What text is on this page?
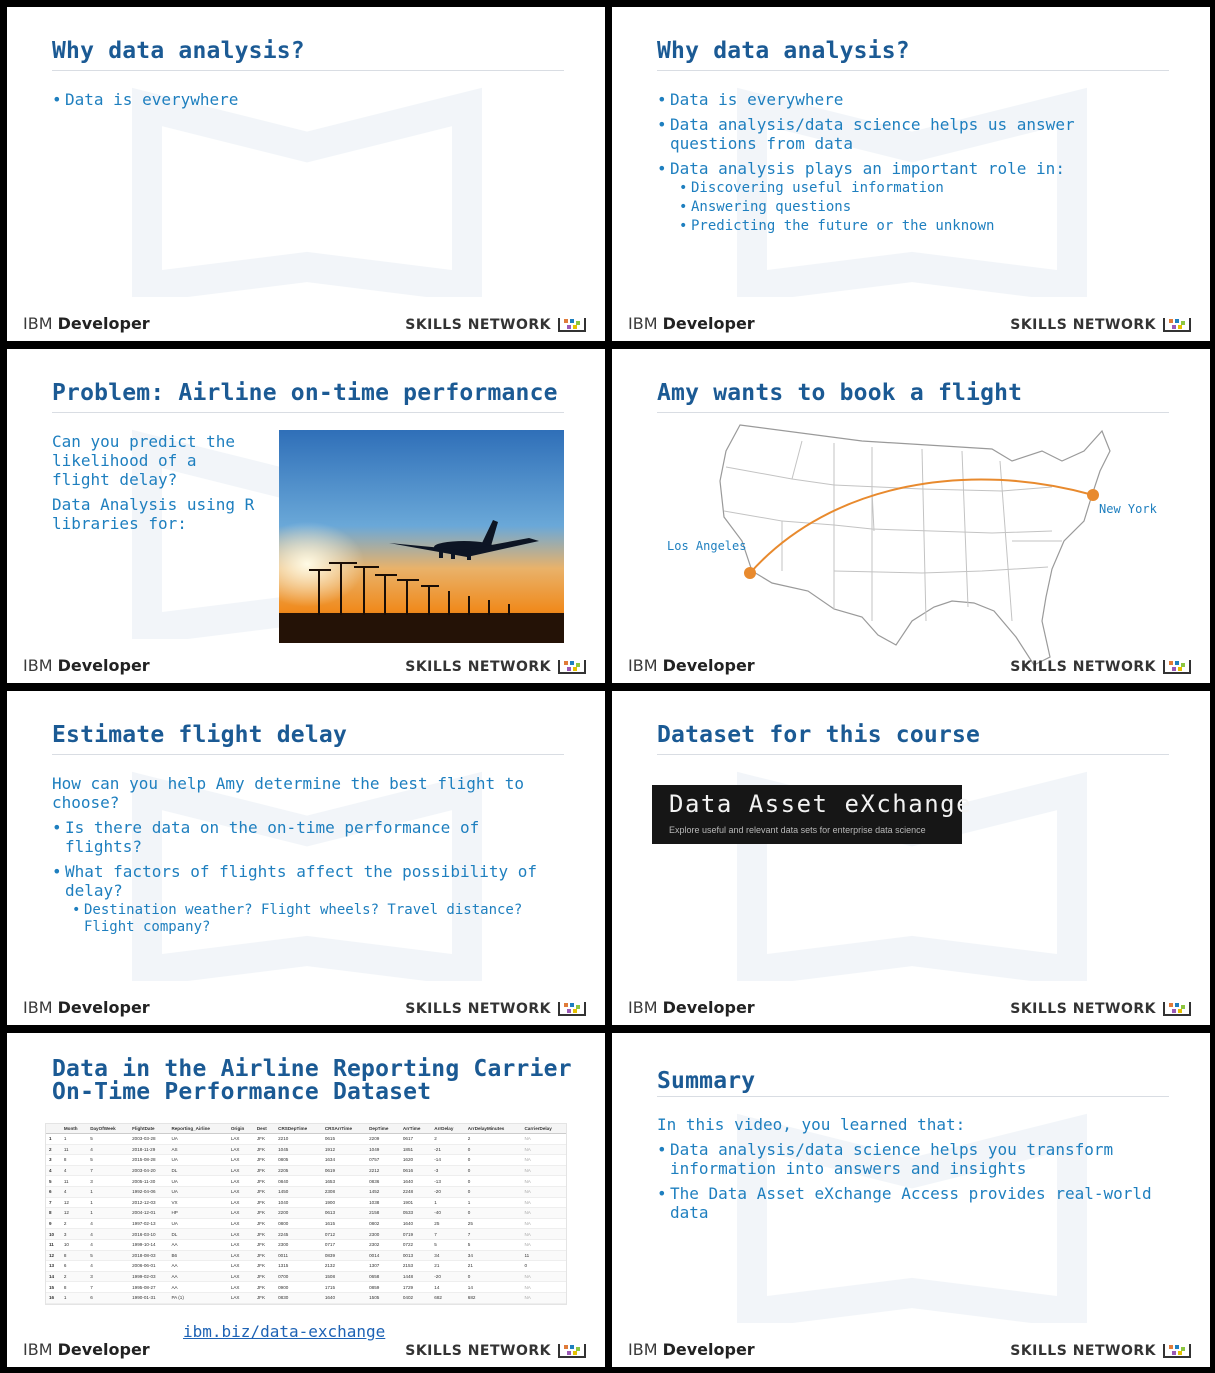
Why data analysis?
• Data is everywhere
IBM Developer	SKILLS NETWORK
Why data analysis?
• Data is everywhere
• Data analysis/data science helps us answer questions from data
• Data analysis plays an important role in:
• Discovering useful information
• Answering questions
• Predicting the future or the unknown
IBM Developer	SKILLS NETWORK
Problem: Airline on-time performance
Can you predict the likelihood of a flight delay?
Data Analysis using R libraries for:
IBM Developer	SKILLS NETWORK
Amy wants to book a flight
Los Angeles
New York
IBM Developer	SKILLS NETWORK
Estimate flight delay
How can you help Amy determine the best flight to choose?
• Is there data on the on-time performance of flights?
• What factors of flights affect the possibility of delay?
• Destination weather? Flight wheels? Travel distance? Flight company?
IBM Developer	SKILLS NETWORK
Dataset for this course
Data Asset eXchange
Explore useful and relevant data sets for enterprise data science
IBM Developer	SKILLS NETWORK
Data in the Airline Reporting Carrier
On-Time Performance Dataset
	Month	DayOfWeek	FlightDate	Reporting_Airline	Origin	Dest	CRSDepTime	CRSArrTime	DepTime	ArrTime	ArrDelay	ArrDelayMinutes	CarrierDelay
1	1	5	2003-03-28	UA	LAX	JFK	2210	0615	2209	0617	2	2	NA
2	11	4	2018-11-29	AS	LAX	JFK	1045	1912	1049	1851	-21	0	NA
3	8	5	2015-08-28	UA	LAX	JFK	0805	1634	0757	1620	-14	0	NA
4	4	7	2003-04-20	DL	LAX	JFK	2205	0619	2212	0616	-3	0	NA
5	11	3	2005-11-30	UA	LAX	JFK	0840	1653	0836	1640	-13	0	NA
6	4	1	1992-04-06	UA	LAX	JFK	1450	2308	1452	2248	-20	0	NA
7	12	1	2012-12-03	VX	LAX	JFK	1040	1900	1038	1901	1	1	NA
8	12	1	2004-12-01	HP	LAX	JFK	2200	0613	2158	0533	-40	0	NA
9	2	4	1997-02-13	UA	LAX	JFK	0800	1615	0802	1640	25	25	NA
10	3	4	2016-03-10	DL	LAX	JFK	2245	0712	2300	0719	7	7	NA
11	10	4	1999-10-14	AA	LAX	JFK	2300	0717	2302	0722	5	5	NA
12	8	5	2018-08-03	B6	LAX	JFK	0011	0839	0014	0013	34	34	11
13	6	4	2006-06-01	AA	LAX	JFK	1315	2132	1307	2153	21	21	0
14	2	3	1999-02-03	AA	LAX	JFK	0700	1508	0658	1448	-20	0	NA
15	8	7	1995-08-27	AA	LAX	JFK	0900	1715	0859	1729	14	14	NA
16	1	6	1990-01-31	PA (1)	LAX	JFK	0830	1640	1505	0402	682	682	NA
ibm.biz/data-exchange
IBM Developer	SKILLS NETWORK
Summary
In this video, you learned that:
• Data analysis/data science helps you transform information into answers and insights
• The Data Asset eXchange Access provides real-world data
IBM Developer	SKILLS NETWORK
